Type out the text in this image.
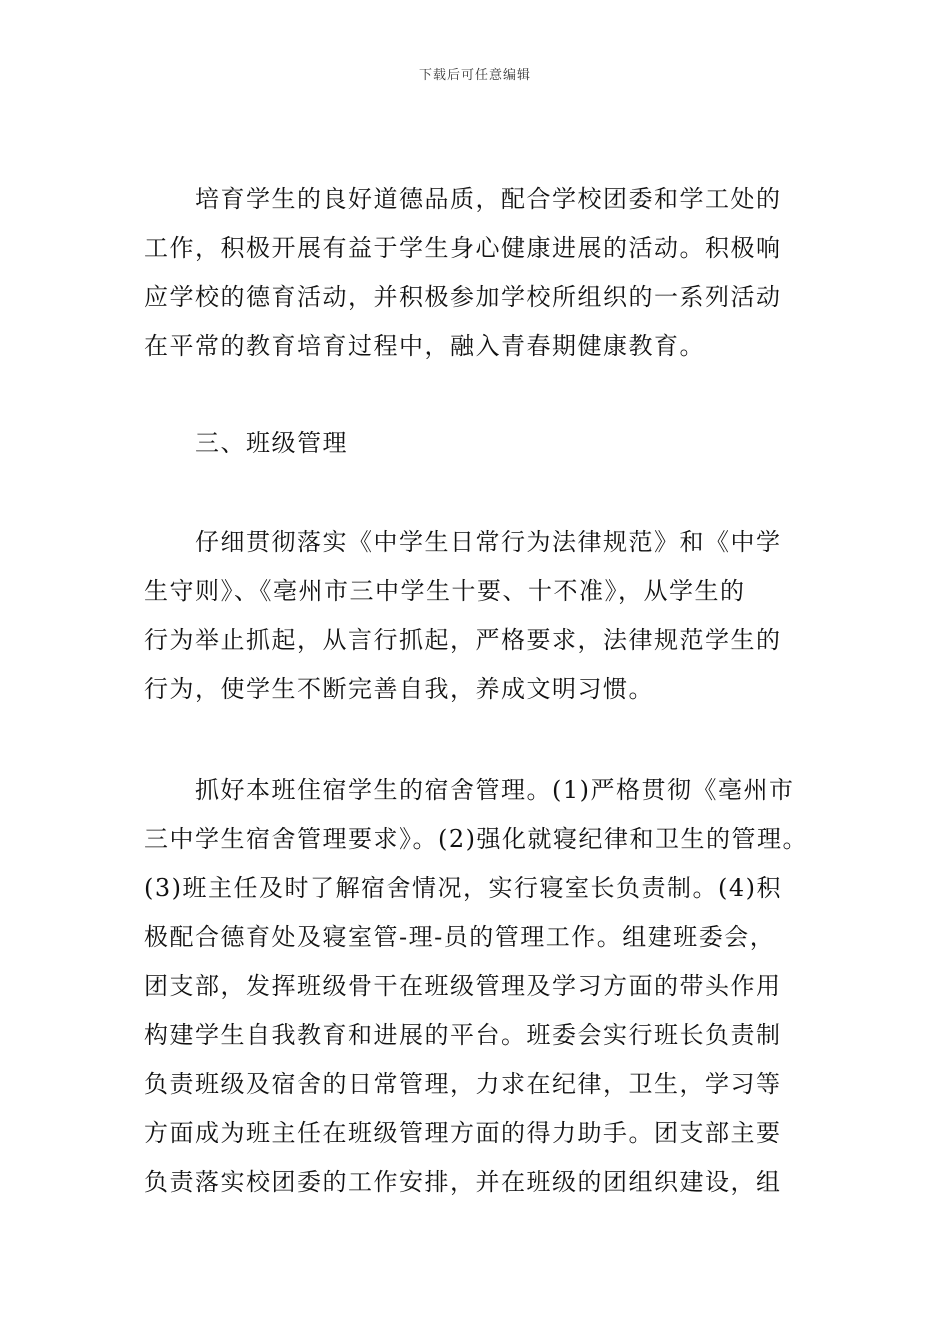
下载后可任意编辑

培育学生的良好道德品质，配合学校团委和学工处的
工作，积极开展有益于学生身心健康进展的活动。积极响
应学校的德育活动，并积极参加学校所组织的一系列活动
在平常的教育培育过程中，融入青春期健康教育。

三、班级管理

仔细贯彻落实《中学生日常行为法律规范》和《中学
生守则》、《亳州市三中学生十要、十不准》，从学生的
行为举止抓起，从言行抓起，严格要求，法律规范学生的
行为，使学生不断完善自我，养成文明习惯。

抓好本班住宿学生的宿舍管理。(1)严格贯彻《亳州市
三中学生宿舍管理要求》。(2)强化就寝纪律和卫生的管理。
(3)班主任及时了解宿舍情况，实行寝室长负责制。(4)积
极配合德育处及寝室管-理-员的管理工作。组建班委会，
团支部，发挥班级骨干在班级管理及学习方面的带头作用
构建学生自我教育和进展的平台。班委会实行班长负责制
负责班级及宿舍的日常管理，力求在纪律，卫生，学习等
方面成为班主任在班级管理方面的得力助手。团支部主要
负责落实校团委的工作安排，并在班级的团组织建设，组
